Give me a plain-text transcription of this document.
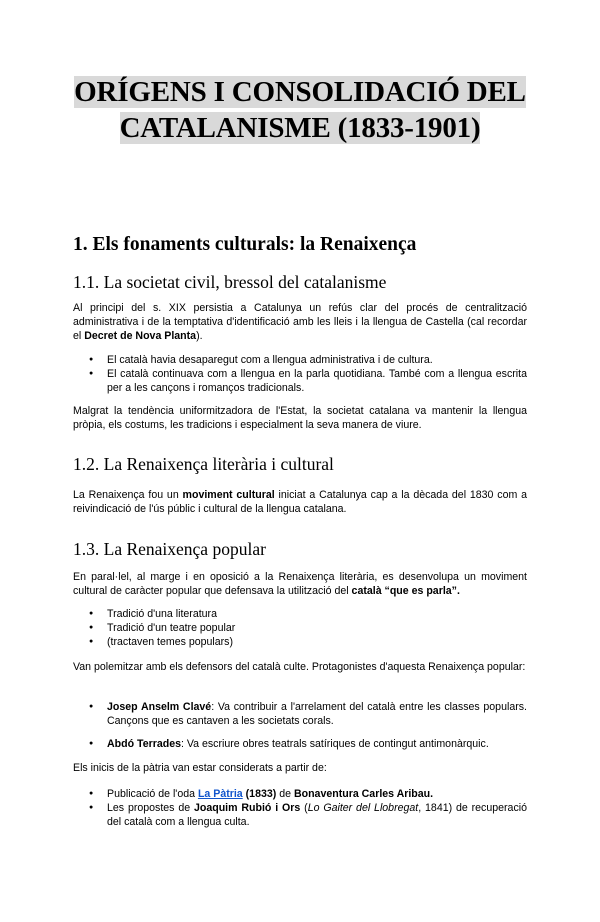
ORÍGENS I CONSOLIDACIÓ DEL
CATALANISME (1833-1901)
1. Els fonaments culturals: la Renaixença
1.1. La societat civil, bressol del catalanisme

Al principi del s. XIX persistia a Catalunya un refús clar del procés de centralització administrativa i de la temptativa d'identificació amb les lleis i la llengua de Castella (cal recordar el Decret de Nova Planta).

● El català havia desaparegut com a llengua administrativa i de cultura.
● El català continuava com a llengua en la parla quotidiana. També com a llengua escrita per a les cançons i romanços tradicionals.

Malgrat la tendència uniformitzadora de l'Estat, la societat catalana va mantenir la llengua pròpia, els costums, les tradicions i especialment la seva manera de viure.

1.2. La Renaixença literària i cultural

La Renaixença fou un moviment cultural iniciat a Catalunya cap a la dècada del 1830 com a reivindicació de l'ús públic i cultural de la llengua catalana.

1.3. La Renaixença popular

En paral·lel, al marge i en oposició a la Renaixença literària, es desenvolupa un moviment cultural de caràcter popular que defensava la utilització del català “que es parla”.

● Tradició d'una literatura
● Tradició d'un teatre popular
● (tractaven temes populars)

Van polemitzar amb els defensors del català culte. Protagonistes d'aquesta Renaixença popular:

● Josep Anselm Clavé: Va contribuir a l'arrelament del català entre les classes populars. Cançons que es cantaven a les societats corals.
● Abdó Terrades: Va escriure obres teatrals satíriques de contingut antimonàrquic.

Els inicis de la pàtria van estar considerats a partir de:

● Publicació de l'oda La Pàtria (1833) de Bonaventura Carles Aribau.
● Les propostes de Joaquim Rubió i Ors (Lo Gaiter del Llobregat, 1841) de recuperació del català com a llengua culta.
